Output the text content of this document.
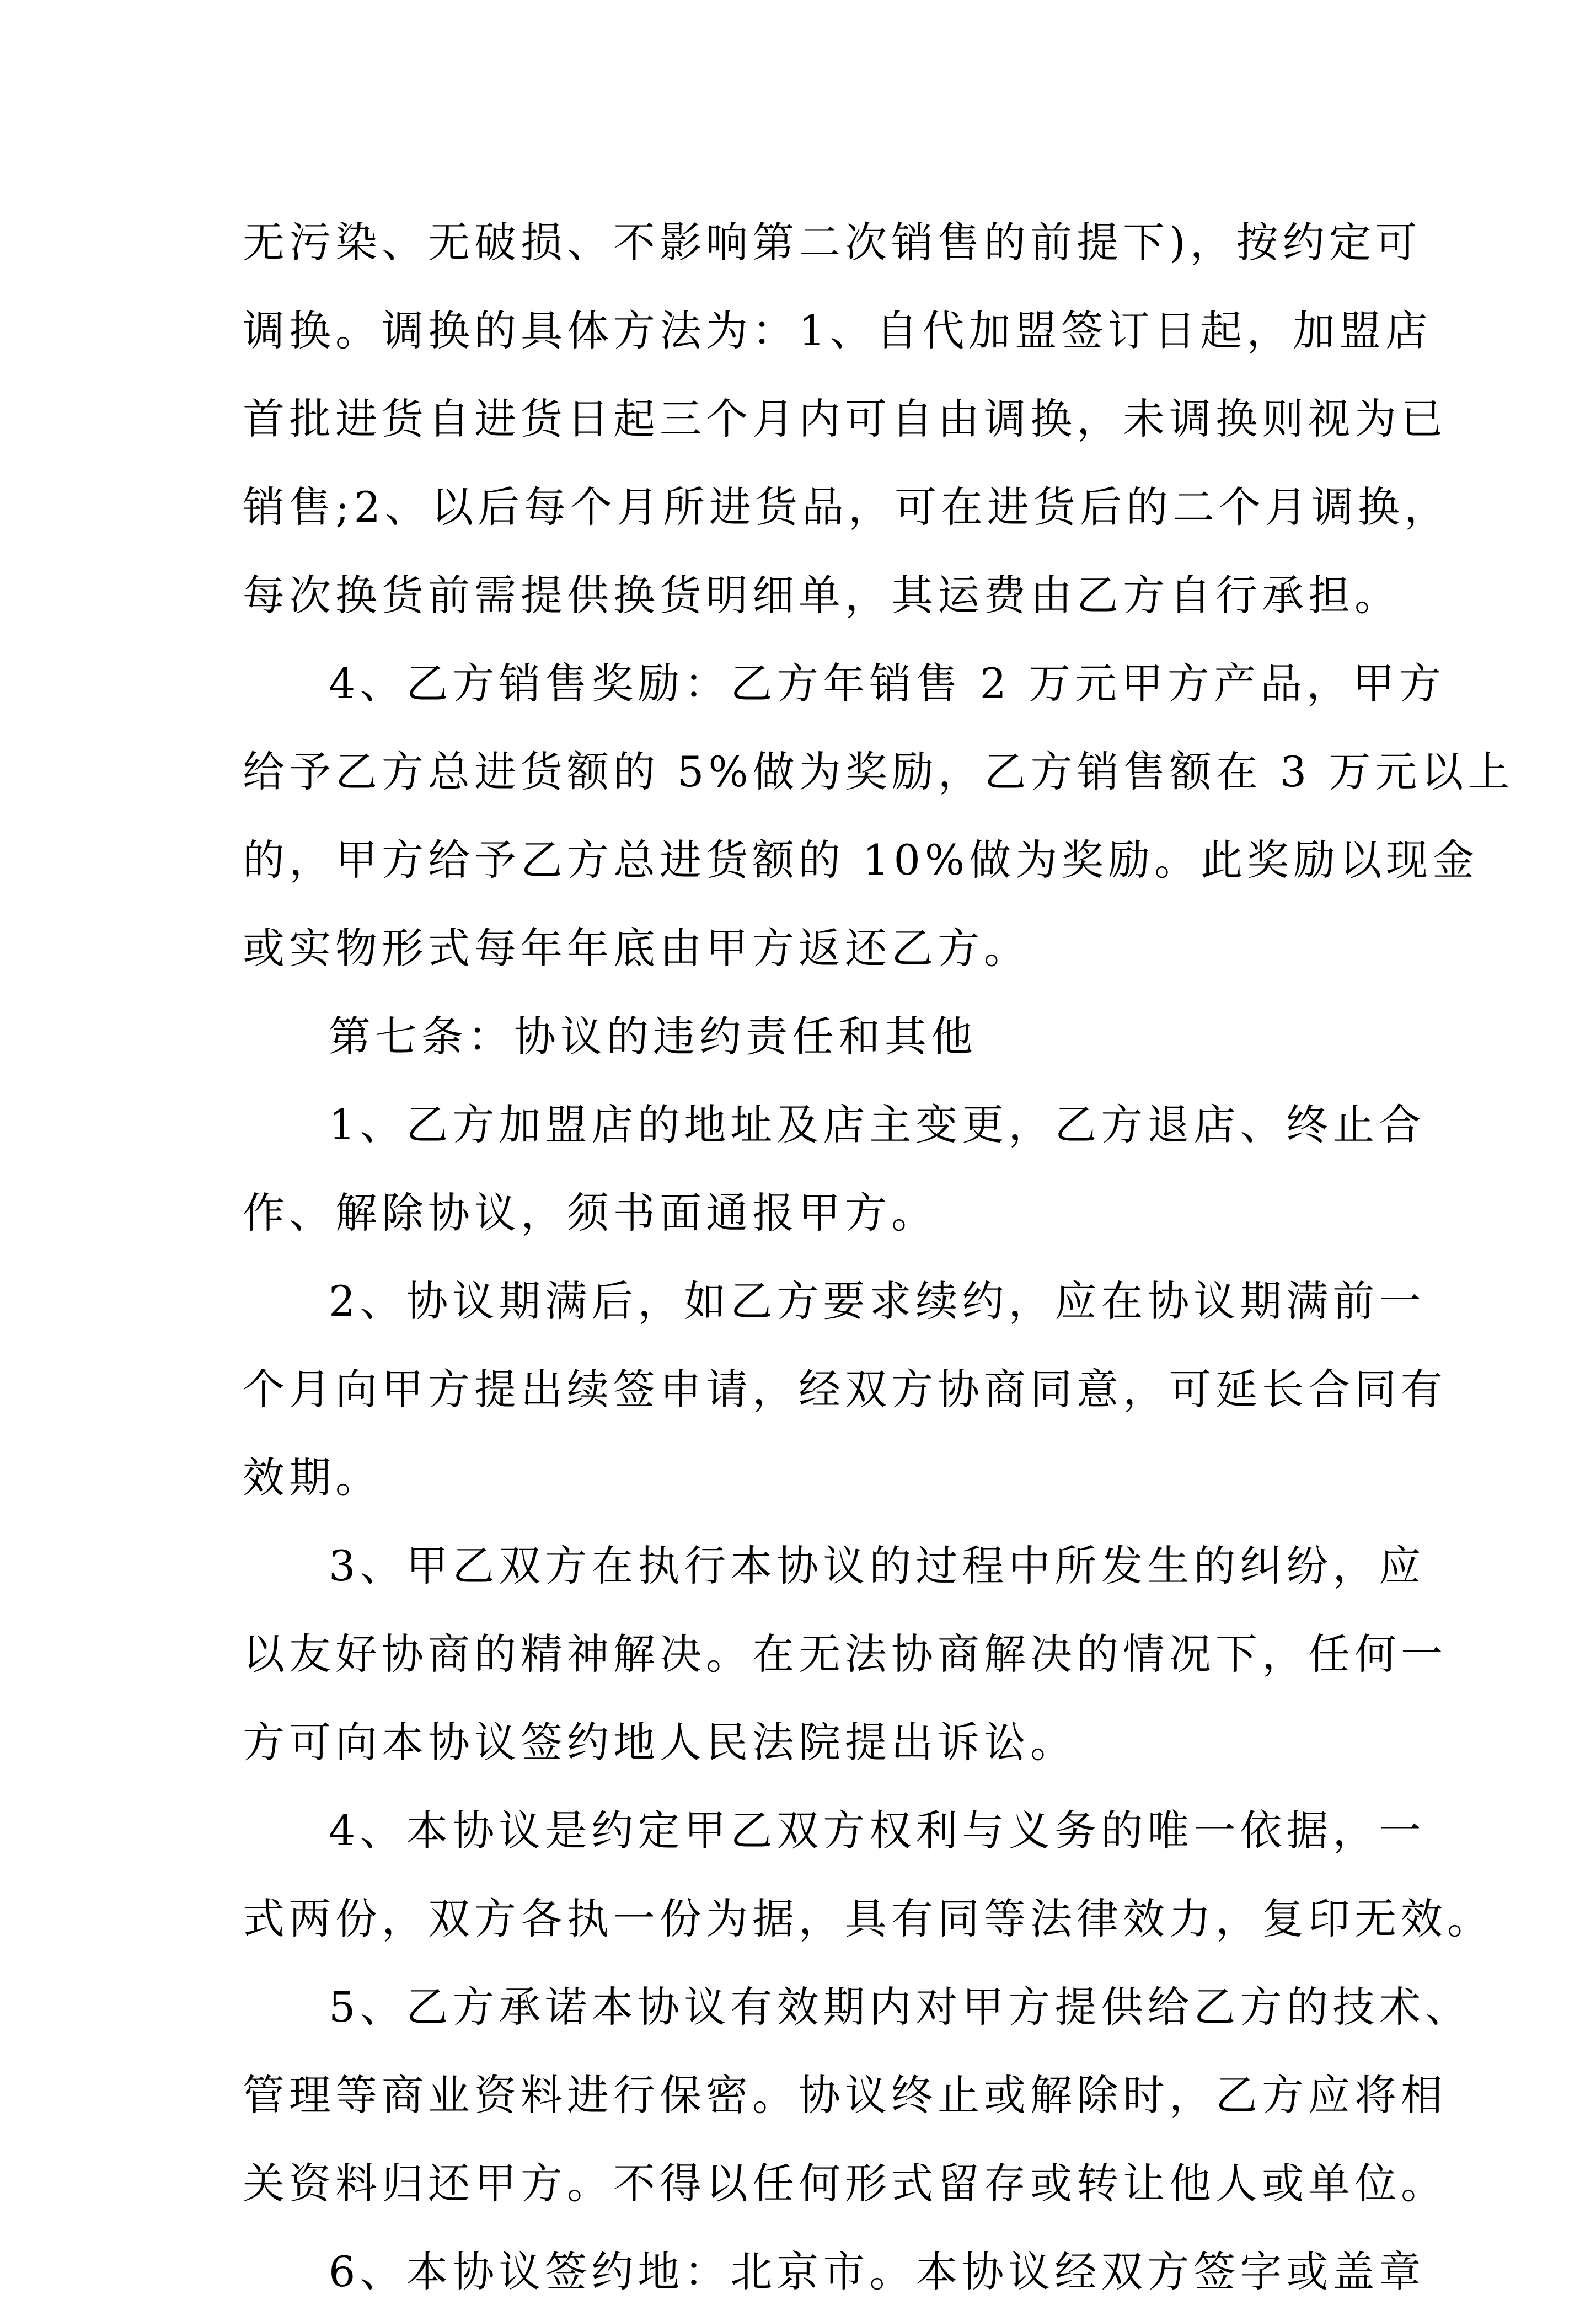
无污染、无破损、不影响第二次销售的前提下)，按约定可
调换。调换的具体方法为：1、自代加盟签订日起，加盟店
首批进货自进货日起三个月内可自由调换，未调换则视为已
销售;2、以后每个月所进货品，可在进货后的二个月调换，
每次换货前需提供换货明细单，其运费由乙方自行承担。

4、乙方销售奖励：乙方年销售 2 万元甲方产品，甲方
给予乙方总进货额的 5%做为奖励，乙方销售额在 3 万元以上
的，甲方给予乙方总进货额的 10%做为奖励。此奖励以现金
或实物形式每年年底由甲方返还乙方。

第七条：协议的违约责任和其他

1、乙方加盟店的地址及店主变更，乙方退店、终止合
作、解除协议，须书面通报甲方。

2、协议期满后，如乙方要求续约，应在协议期满前一
个月向甲方提出续签申请，经双方协商同意，可延长合同有
效期。

3、甲乙双方在执行本协议的过程中所发生的纠纷，应
以友好协商的精神解决。在无法协商解决的情况下，任何一
方可向本协议签约地人民法院提出诉讼。

4、本协议是约定甲乙双方权利与义务的唯一依据，一
式两份，双方各执一份为据，具有同等法律效力，复印无效。

5、乙方承诺本协议有效期内对甲方提供给乙方的技术、
管理等商业资料进行保密。协议终止或解除时，乙方应将相
关资料归还甲方。不得以任何形式留存或转让他人或单位。

6、本协议签约地：北京市。本协议经双方签字或盖章
